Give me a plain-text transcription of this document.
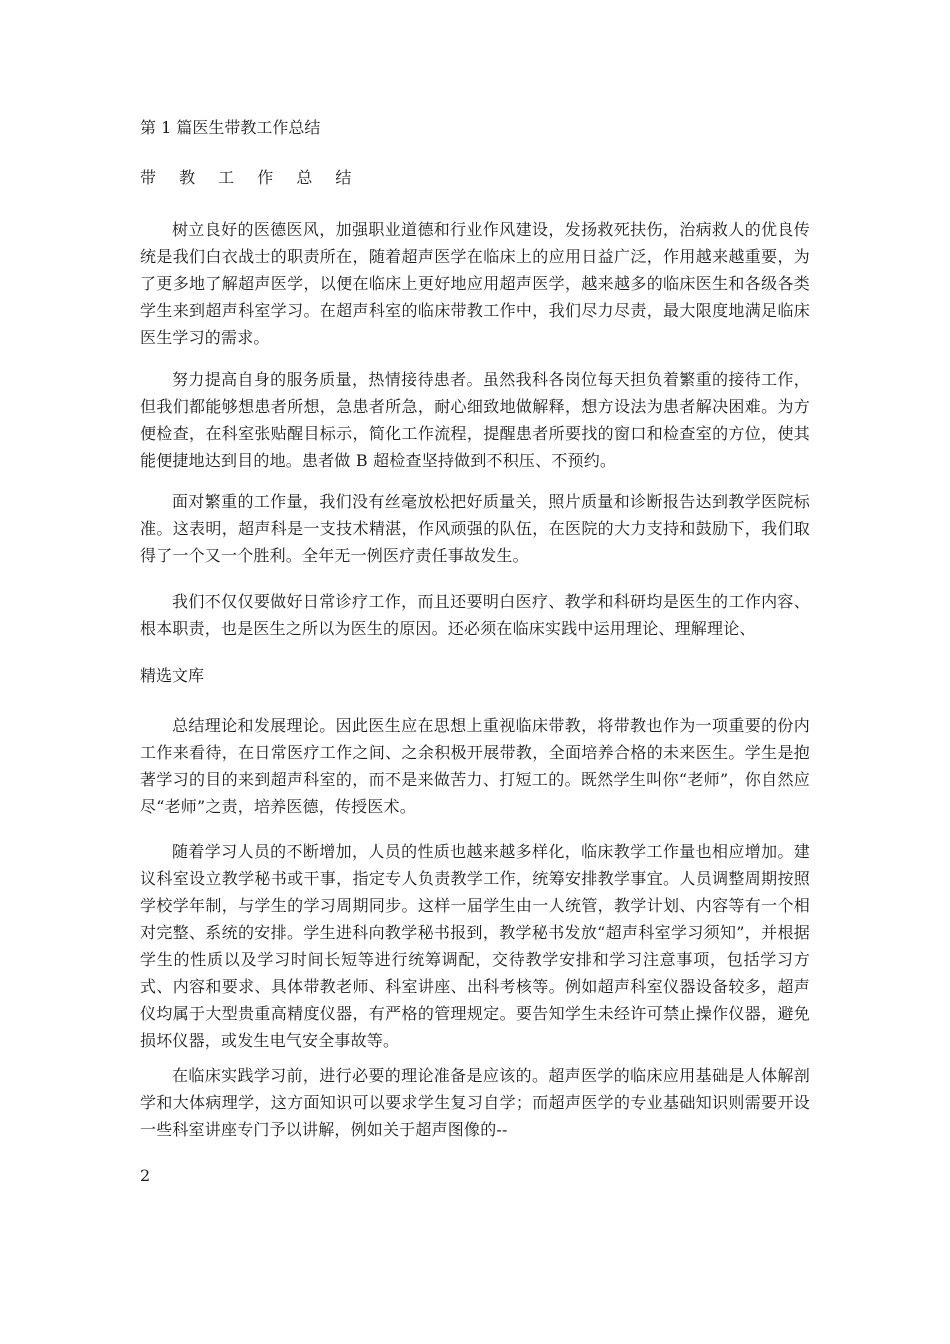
第 1 篇医生带教工作总结
带 教 工 作 总 结
树立良好的医德医风，加强职业道德和行业作风建设，发扬救死扶伤，治病救人的优良传统是我们白衣战士的职责所在，随着超声医学在临床上的应用日益广泛，作用越来越重要，为了更多地了解超声医学，以便在临床上更好地应用超声医学，越来越多的临床医生和各级各类学生来到超声科室学习。在超声科室的临床带教工作中，我们尽力尽责，最大限度地满足临床医生学习的需求。
努力提高自身的服务质量，热情接待患者。虽然我科各岗位每天担负着繁重的接待工作，但我们都能够想患者所想，急患者所急，耐心细致地做解释，想方设法为患者解决困难。为方便检查，在科室张贴醒目标示，简化工作流程，提醒患者所要找的窗口和检查室的方位，使其能便捷地达到目的地。患者做 B 超检查坚持做到不积压、不预约。
面对繁重的工作量，我们没有丝毫放松把好质量关，照片质量和诊断报告达到教学医院标准。这表明，超声科是一支技术精湛，作风顽强的队伍，在医院的大力支持和鼓励下，我们取得了一个又一个胜利。全年无一例医疗责任事故发生。
我们不仅仅要做好日常诊疗工作，而且还要明白医疗、教学和科研均是医生的工作内容、根本职责，也是医生之所以为医生的原因。还必须在临床实践中运用理论、理解理论、
精选文库
总结理论和发展理论。因此医生应在思想上重视临床带教，将带教也作为一项重要的份内工作来看待，在日常医疗工作之间、之余积极开展带教，全面培养合格的未来医生。学生是抱著学习的目的来到超声科室的，而不是来做苦力、打短工的。既然学生叫你“老师”，你自然应尽“老师”之责，培养医德，传授医术。
随着学习人员的不断增加，人员的性质也越来越多样化，临床教学工作量也相应增加。建议科室设立教学秘书或干事，指定专人负责教学工作，统筹安排教学事宜。人员调整周期按照学校学年制，与学生的学习周期同步。这样一届学生由一人统管，教学计划、内容等有一个相对完整、系统的安排。学生进科向教学秘书报到，教学秘书发放“超声科室学习须知”，并根据学生的性质以及学习时间长短等进行统筹调配，交待教学安排和学习注意事项，包括学习方式、内容和要求、具体带教老师、科室讲座、出科考核等。例如超声科室仪器设备较多，超声仪均属于大型贵重高精度仪器，有严格的管理规定。要告知学生未经许可禁止操作仪器，避免损坏仪器，或发生电气安全事故等。
在临床实践学习前，进行必要的理论准备是应该的。超声医学的临床应用基础是人体解剖学和大体病理学，这方面知识可以要求学生复习自学；而超声医学的专业基础知识则需要开设一些科室讲座专门予以讲解，例如关于超声图像的--
2
